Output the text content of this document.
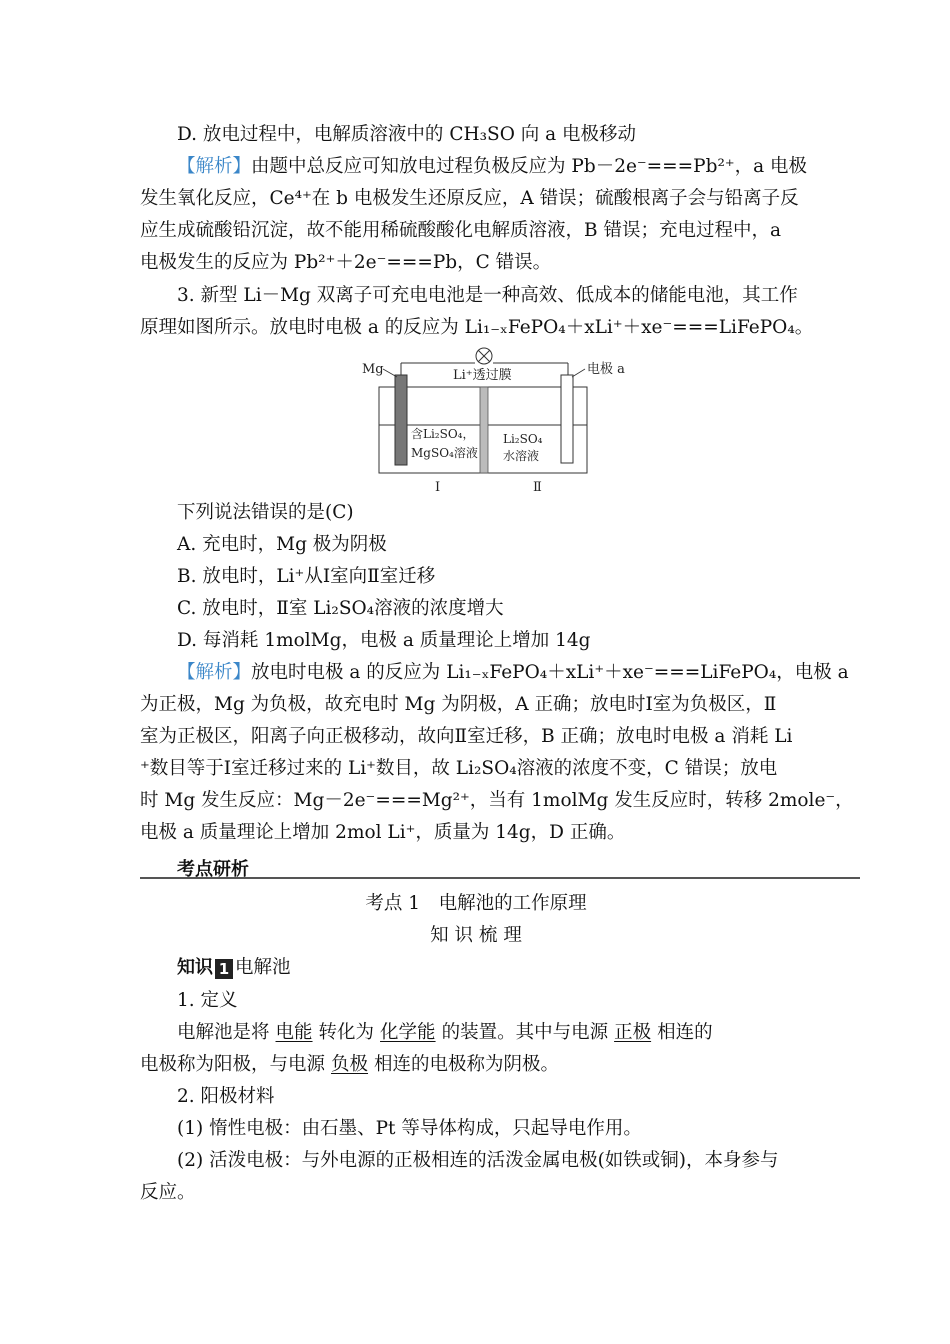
D. 放电过程中，电解质溶液中的 CH₃SO 向 a 电极移动
【解析】由题中总反应可知放电过程负极反应为 Pb－2e⁻===Pb²⁺，a 电极
发生氧化反应，Ce⁴⁺在 b 电极发生还原反应，A 错误；硫酸根离子会与铅离子反
应生成硫酸铅沉淀，故不能用稀硫酸酸化电解质溶液，B 错误；充电过程中，a
电极发生的反应为 Pb²⁺＋2e⁻===Pb，C 错误。
3. 新型 Li－Mg 双离子可充电电池是一种高效、低成本的储能电池，其工作
原理如图所示。放电时电极 a 的反应为 Li₁₋ₓFePO₄＋xLi⁺＋xe⁻===LiFePO₄。
Mg	Li⁺透过膜	电极 a
含Li₂SO₄，
MgSO₄溶液
Li₂SO₄
水溶液
Ⅰ	Ⅱ
下列说法错误的是(C)
A. 充电时，Mg 极为阴极
B. 放电时，Li⁺从Ⅰ室向Ⅱ室迁移
C. 放电时，Ⅱ室 Li₂SO₄溶液的浓度增大
D. 每消耗 1molMg，电极 a 质量理论上增加 14g
【解析】放电时电极 a 的反应为 Li₁₋ₓFePO₄＋xLi⁺＋xe⁻===LiFePO₄，电极 a
为正极，Mg 为负极，故充电时 Mg 为阴极，A 正确；放电时Ⅰ室为负极区，Ⅱ
室为正极区，阳离子向正极移动，故向Ⅱ室迁移，B 正确；放电时电极 a 消耗 Li
⁺数目等于Ⅰ室迁移过来的 Li⁺数目，故 Li₂SO₄溶液的浓度不变，C 错误；放电
时 Mg 发生反应：Mg－2e⁻===Mg²⁺，当有 1molMg 发生反应时，转移 2mole⁻，
电极 a 质量理论上增加 2mol Li⁺，质量为 14g，D 正确。
考点研析
考点 1　电解池的工作原理
知 识 梳 理
知识 1 电解池
1. 定义
电解池是将 电能 转化为 化学能 的装置。其中与电源 正极 相连的
电极称为阳极，与电源 负极 相连的电极称为阴极。
2. 阳极材料
(1) 惰性电极：由石墨、Pt 等导体构成，只起导电作用。
(2) 活泼电极：与外电源的正极相连的活泼金属电极(如铁或铜)，本身参与
反应。
